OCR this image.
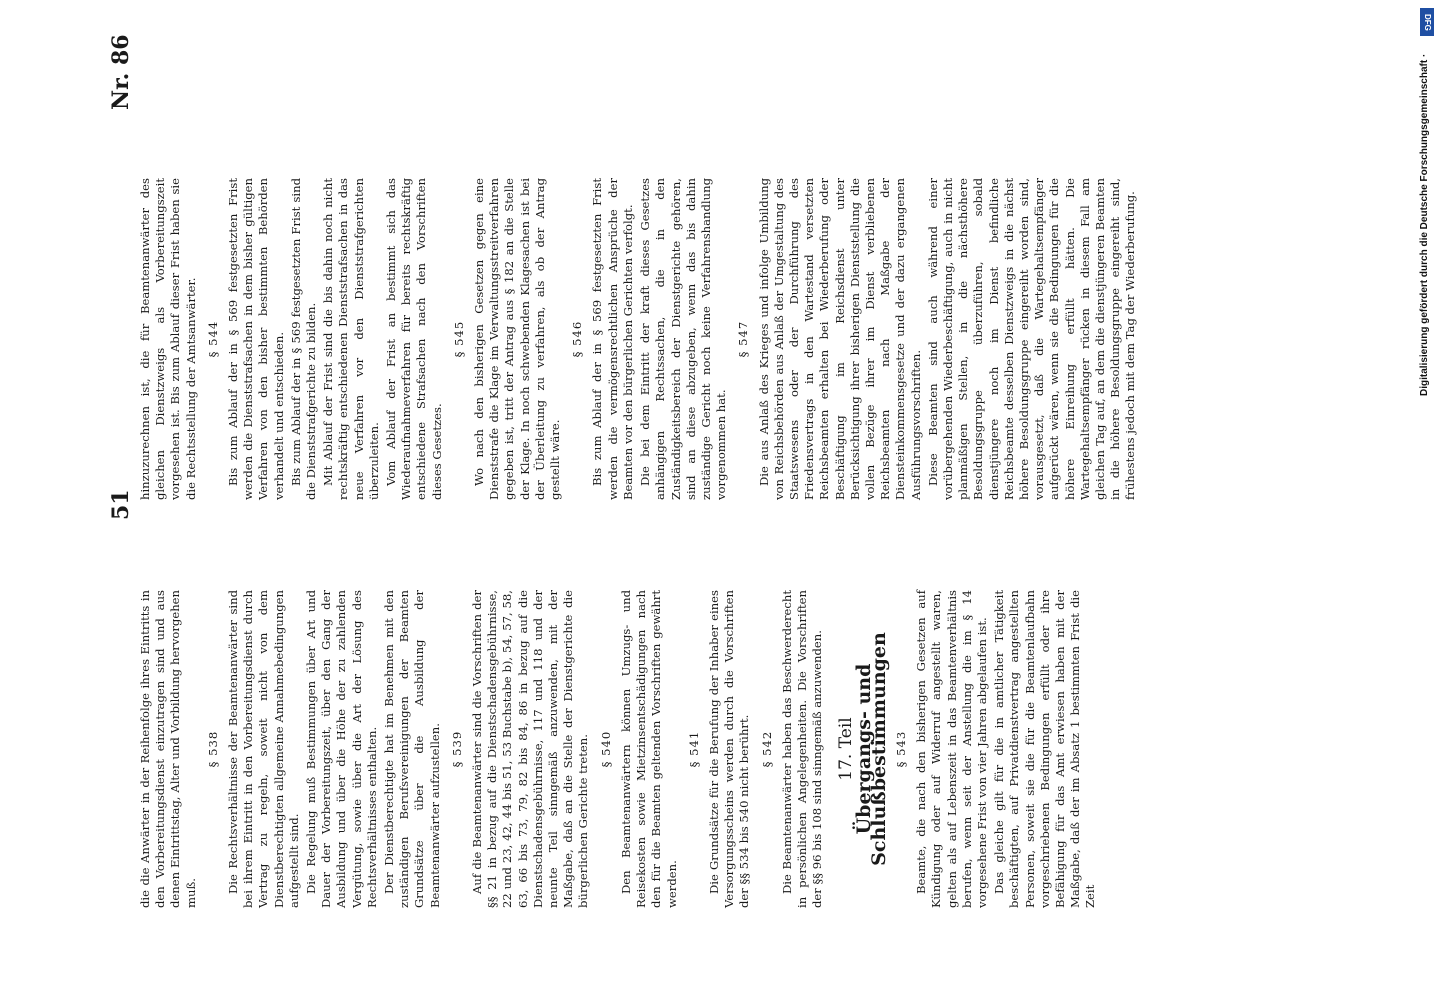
51
Nr. 86

die die Anwärter in der Reihenfolge ihres Eintritts in den Vorbereitungsdienst einzutragen sind und aus denen Eintrittstag, Alter und Vorbildung hervorgehen muß.

§ 538 Die Rechtsverhältnisse der Beamtenanwärter sind bei ihrem Eintritt in den Vorbereitungsdienst durch Vertrag zu regeln, soweit nicht von dem Dienstberechtigten allgemeine Annahmebedingungen aufgestellt sind. Die Regelung muß Bestimmungen über Art und Dauer der Vorbereitungszeit, über den Gang der Ausbildung und über die Höhe der zu zahlenden Vergütung, sowie über die Art der Lösung des Rechtsverhältnisses enthalten. Der Dienstberechtigte hat im Benehmen mit den zuständigen Berufsvereinigungen der Beamten Grundsätze über die Ausbildung der Beamtenanwärter aufzustellen. § 539 Auf die Beamtenanwärter sind die Vorschriften der §§ 21 in bezug auf die Dienstschadensgebührnisse, 22 und 23, 42, 44 bis 51, 53 Buchstabe b), 54, 57, 58, 63, 66 bis 73, 79, 82 bis 84, 86 in bezug auf die Dienstschadensgebührnisse, 117 und 118 und der neunte Teil sinngemäß anzuwenden, mit der Maßgabe, daß an die Stelle der Dienstgerichte die bürgerlichen Gerichte treten. § 540 Den Beamtenanwärtern können Umzugs- und Reisekosten sowie Mietzinsentschädigungen nach den für die Beamten geltenden Vorschriften gewährt werden.

§ 541 Die Grundsätze für die Berufung der Inhaber eines Versorgungsscheins werden durch die Vorschriften der §§ 534 bis 540 nicht berührt. § 542 Die Beamtenanwärter haben das Beschwerderecht in persönlichen Angelegenheiten. Die Vorschriften der §§ 96 bis 108 sind sinngemäß anzuwenden. 17. Teil
Übergangs- und Schlußbestimmungen § 543 Beamte, die nach den bisherigen Gesetzen auf Kündigung oder auf Widerruf angestellt waren, gelten als auf Lebenszeit in das Beamtenverhältnis berufen, wenn seit der Anstellung die im § 14 vorgesehene Frist von vier Jahren abgelaufen ist. Das gleiche gilt für die in amtlicher Tätigkeit beschäftigten, auf Privatdienstvertrag angestellten Personen, soweit sie die für die Beamtenlaufbahn vorgeschriebenen Bedingungen erfüllt oder ihre Befähigung für das Amt erwiesen haben mit der Maßgabe, daß der im Absatz 1 bestimmten Frist die Zeit

hinzuzurechnen ist, die für Beamtenanwärter des gleichen Dienstzweigs als Vorbereitungszeit vorgesehen ist. Bis zum Ablauf dieser Frist haben sie die Rechtsstellung der Amtsanwärter. § 544 Bis zum Ablauf der in § 569 festgesetzten Frist werden die Dienststrafsachen in dem bisher gültigen Verfahren von den bisher bestimmten Behörden verhandelt und entschieden. Bis zum Ablauf der in § 569 festgesetzten Frist sind die Dienststrafgerichte zu bilden. Mit Ablauf der Frist sind die bis dahin noch nicht rechtskräftig entschiedenen Dienststrafsachen in das neue Verfahren vor den Dienststrafgerichten überzuleiten. Vom Ablauf der Frist an bestimmt sich das Wiederaufnahmeverfahren für bereits rechtskräftig entschiedene Strafsachen nach den Vorschriften dieses Gesetzes.

§ 545 Wo nach den bisherigen Gesetzen gegen eine Dienststrafe die Klage im Verwaltungsstreitverfahren gegeben ist, tritt der Antrag aus § 182 an die Stelle der Klage. In noch schwebenden Klagesachen ist bei der Überleitung zu verfahren, als ob der Antrag gestellt wäre.

§ 546 Bis zum Ablauf der in § 569 festgesetzten Frist werden die vermögensrechtlichen Ansprüche der Beamten vor den bürgerlichen Gerichten verfolgt. Die bei dem Eintritt der kraft dieses Gesetzes anhängigen Rechtssachen, die in den Zuständigkeitsbereich der Dienstgerichte gehören, sind an diese abzugeben, wenn das bis dahin zuständige Gericht noch keine Verfahrenshandlung vorgenommen hat.

§ 547 Die aus Anlaß des Krieges und infolge Umbildung von Reichsbehörden aus Anlaß der Umgestaltung des Staatswesens oder der Durchführung des Friedensvertrags in den Wartestand versetzten Reichsbeamten erhalten bei Wiederberufung oder Beschäftigung im Reichsdienst unter Berücksichtigung ihrer bisherigen Dienststellung die vollen Bezüge ihrer im Dienst verbliebenen Reichsbeamten nach Maßgabe der Diensteinkommensgesetze und der dazu ergangenen Ausführungsvorschriften. Diese Beamten sind auch während einer vorübergehenden Wiederbeschäftigung, auch in nicht planmäßigen Stellen, in die nächsthöhere Besoldungsgruppe überzuführen, sobald dienstjüngere noch im Dienst befindliche Reichsbeamte desselben Dienstzweigs in die nächst höhere Besoldungsgruppe eingereiht worden sind, vorausgesetzt, daß die Wartegehaltsempfänger aufgerückt wären, wenn sie die Bedingungen für die höhere Einreihung erfüllt hätten. Die Wartegehaltsempfänger rücken in diesem Fall am gleichen Tag auf, an dem die dienstjüngeren Beamten in die höhere Besoldungsgruppe eingereiht sind, frühestens jedoch mit dem Tag der Wiederberufung.

DFG
Digitalisierung gefördert durch die Deutsche Forschungsgemeinschaft ·
